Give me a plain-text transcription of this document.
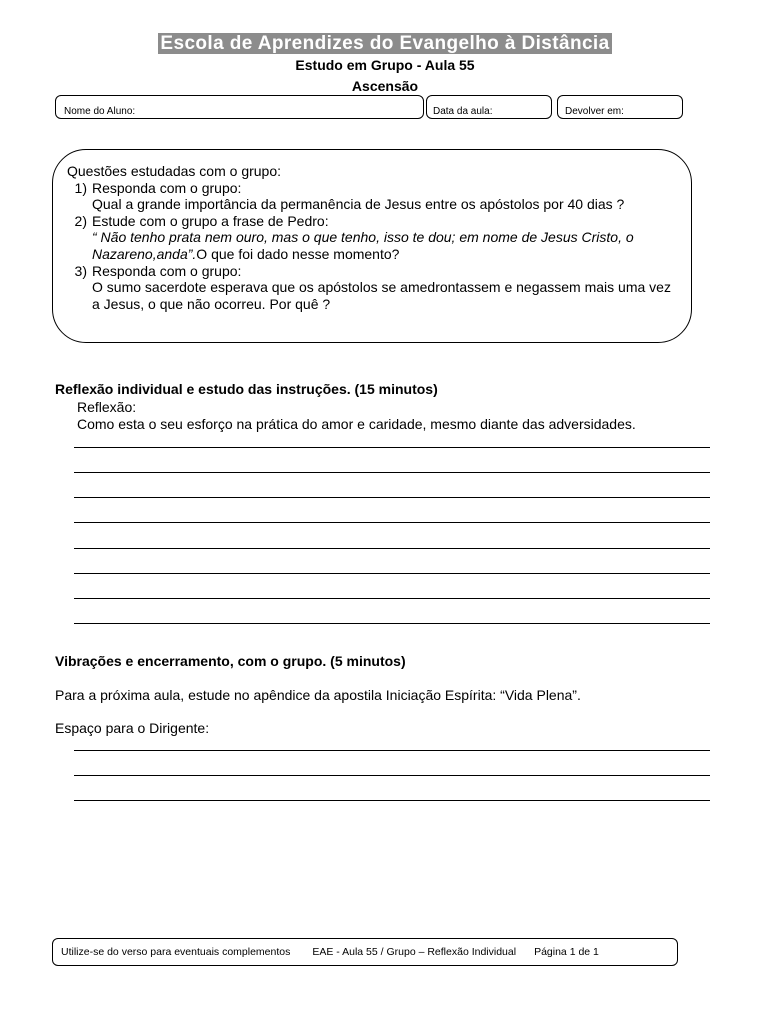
Escola de Aprendizes do Evangelho à Distância
Estudo em Grupo - Aula 55
Ascensão
Nome do Aluno:	Data da aula:	Devolver em:
Questões estudadas com o grupo:
1) Responda com o grupo:
Qual a grande importância da permanência de Jesus entre os apóstolos por 40 dias ?
2) Estude com o grupo a frase de Pedro:
“ Não tenho prata nem ouro, mas o que tenho, isso te dou; em nome de Jesus Cristo, o Nazareno,anda”.O que foi dado nesse momento?
3) Responda com o grupo:
O sumo sacerdote esperava que os apóstolos se amedrontassem e negassem mais uma vez a Jesus, o que não ocorreu. Por quê ?
Reflexão individual e estudo das instruções. (15 minutos)
Reflexão:
Como esta o seu esforço na prática do amor e caridade, mesmo diante das adversidades.
Vibrações e encerramento, com o grupo. (5 minutos)
Para a próxima aula, estude no apêndice da apostila Iniciação Espírita: “Vida Plena”.
Espaço para o Dirigente:
Utilize-se do verso para eventuais complementos EAE - Aula 55 / Grupo – Reflexão Individual Página 1 de 1
